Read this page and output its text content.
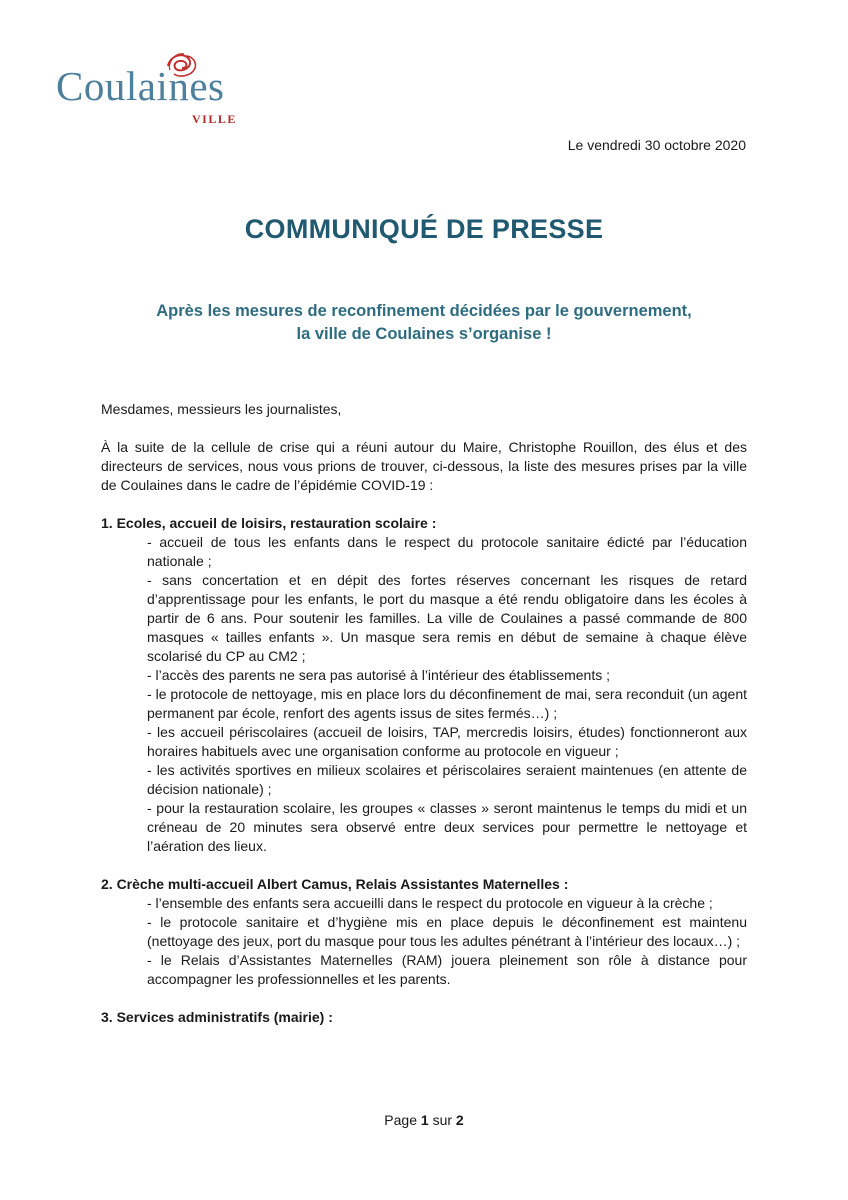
Coulaines
VILLE
Le vendredi 30 octobre 2020
COMMUNIQUÉ DE PRESSE
Après les mesures de reconfinement décidées par le gouvernement,
la ville de Coulaines s’organise !

Mesdames, messieurs les journalistes,

À la suite de la cellule de crise qui a réuni autour du Maire, Christophe Rouillon, des élus et des directeurs de services, nous vous prions de trouver, ci-dessous, la liste des mesures prises par la ville de Coulaines dans le cadre de l’épidémie COVID-19 :

1. Ecoles, accueil de loisirs, restauration scolaire :

- accueil de tous les enfants dans le respect du protocole sanitaire édicté par l’éducation nationale ;
- sans concertation et en dépit des fortes réserves concernant les risques de retard d’apprentissage pour les enfants, le port du masque a été rendu obligatoire dans les écoles à partir de 6 ans. Pour soutenir les familles. La ville de Coulaines a passé commande de 800 masques « tailles enfants ». Un masque sera remis en début de semaine à chaque élève scolarisé du CP au CM2 ;
- l’accès des parents ne sera pas autorisé à l’intérieur des établissements ;
- le protocole de nettoyage, mis en place lors du déconfinement de mai, sera reconduit (un agent permanent par école, renfort des agents issus de sites fermés…) ;
- les accueil périscolaires (accueil de loisirs, TAP, mercredis loisirs, études) fonctionneront aux horaires habituels avec une organisation conforme au protocole en vigueur ;
- les activités sportives en milieux scolaires et périscolaires seraient maintenues (en attente de décision nationale) ;
- pour la restauration scolaire, les groupes « classes » seront maintenus le temps du midi et un créneau de 20 minutes sera observé entre deux services pour permettre le nettoyage et l’aération des lieux.

2. Crèche multi-accueil Albert Camus, Relais Assistantes Maternelles :

- l’ensemble des enfants sera accueilli dans le respect du protocole en vigueur à la crèche ;
- le protocole sanitaire et d’hygiène mis en place depuis le déconfinement est maintenu (nettoyage des jeux, port du masque pour tous les adultes pénétrant à l’intérieur des locaux…) ;
- le Relais d’Assistantes Maternelles (RAM) jouera pleinement son rôle à distance pour accompagner les professionnelles et les parents.

3. Services administratifs (mairie) :

Page 1 sur 2
